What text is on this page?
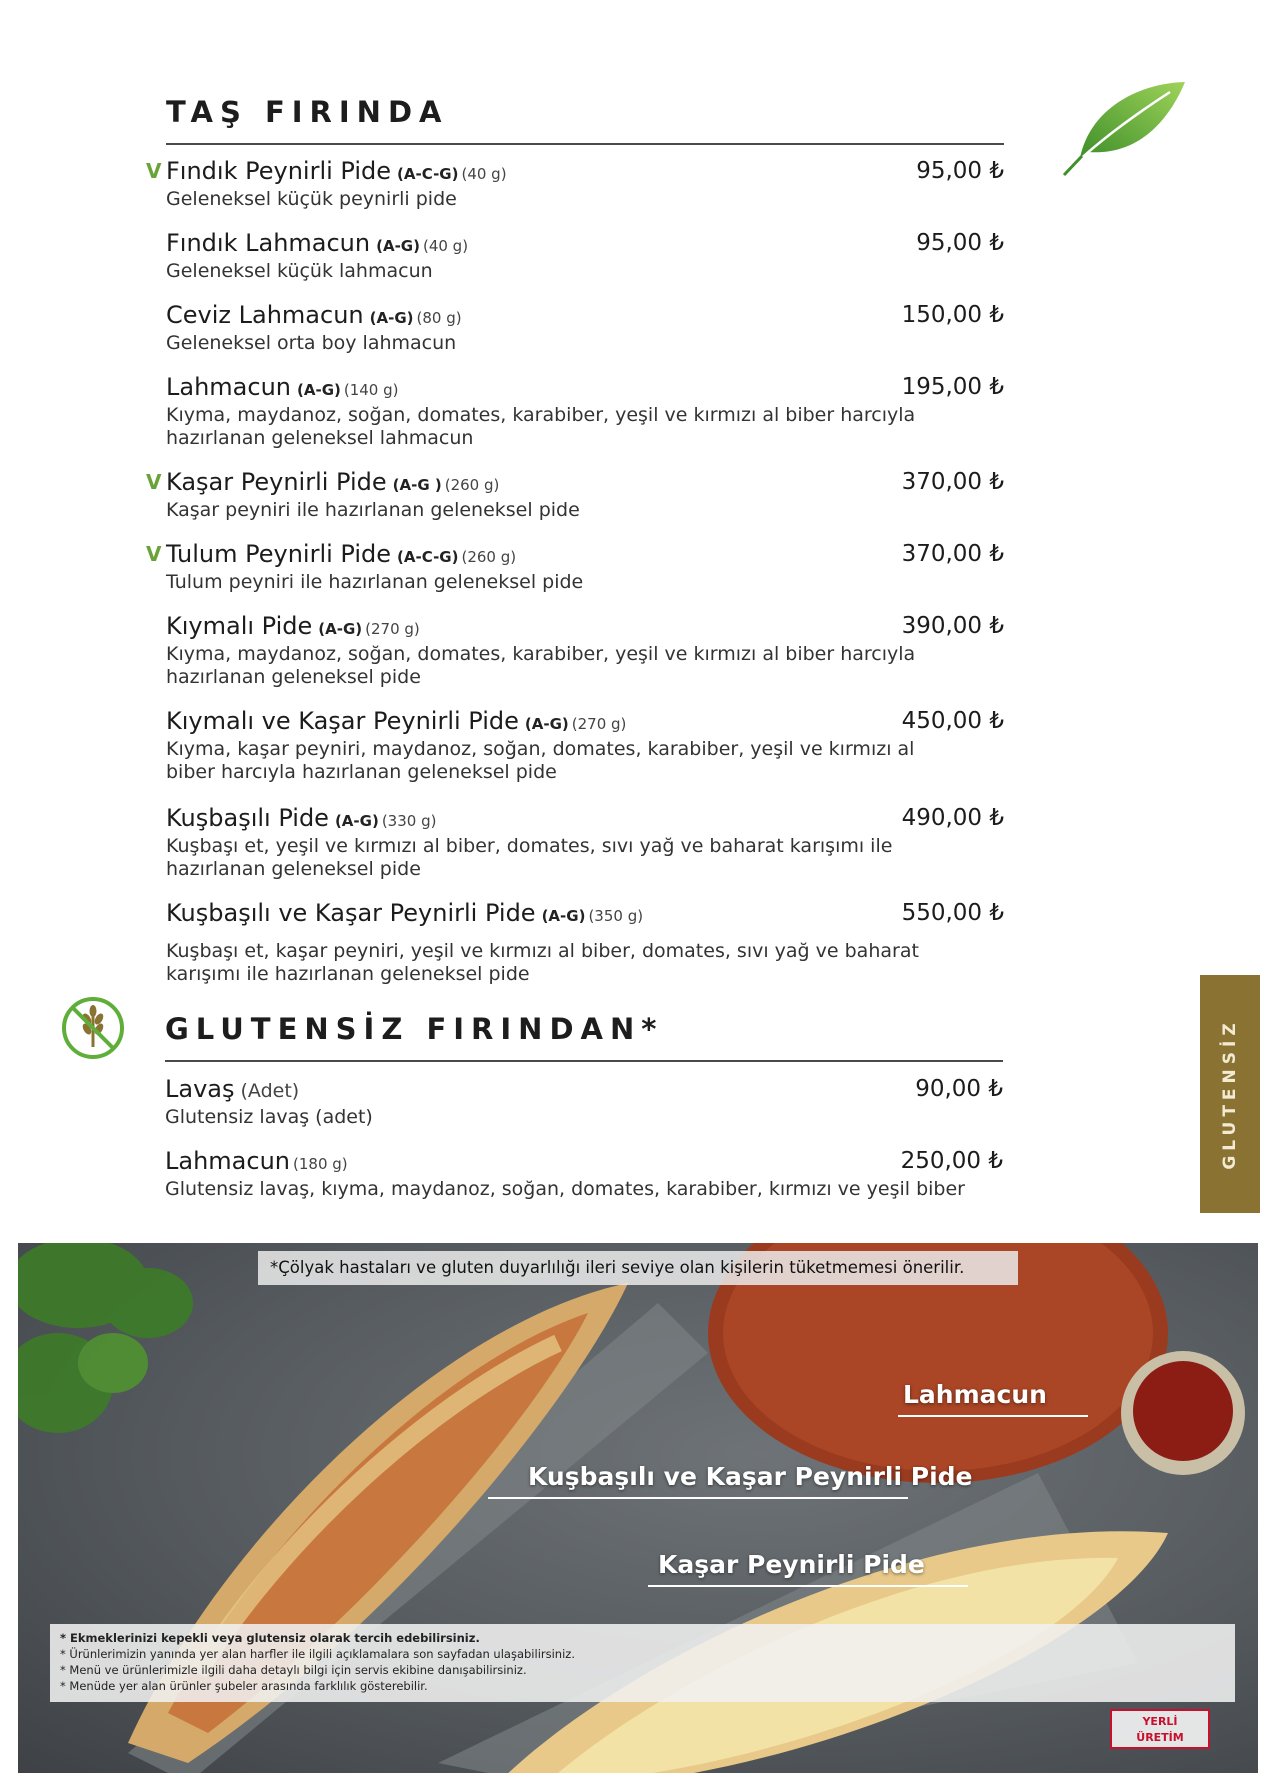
TAŞ FIRINDA
V Fındık Peynirli Pide (A-C-G) (40 g)	95,00 ₺
Geleneksel küçük peynirli pide
Fındık Lahmacun (A-G) (40 g)	95,00 ₺
Geleneksel küçük lahmacun
Ceviz Lahmacun (A-G) (80 g)	150,00 ₺
Geleneksel orta boy lahmacun
Lahmacun (A-G) (140 g)	195,00 ₺
Kıyma, maydanoz, soğan, domates, karabiber, yeşil ve kırmızı al biber harcıyla hazırlanan geleneksel lahmacun
V Kaşar Peynirli Pide (A-G ) (260 g)	370,00 ₺
Kaşar peyniri ile hazırlanan geleneksel pide
V Tulum Peynirli Pide (A-C-G) (260 g)	370,00 ₺
Tulum peyniri ile hazırlanan geleneksel pide
Kıymalı Pide (A-G) (270 g)	390,00 ₺
Kıyma, maydanoz, soğan, domates, karabiber, yeşil ve kırmızı al biber harcıyla hazırlanan geleneksel pide
Kıymalı ve Kaşar Peynirli Pide (A-G) (270 g)	450,00 ₺
Kıyma, kaşar peyniri, maydanoz, soğan, domates, karabiber, yeşil ve kırmızı al biber harcıyla hazırlanan geleneksel pide
Kuşbaşılı Pide (A-G) (330 g)	490,00 ₺
Kuşbaşı et, yeşil ve kırmızı al biber, domates, sıvı yağ ve baharat karışımı ile hazırlanan geleneksel pide
Kuşbaşılı ve Kaşar Peynirli Pide (A-G) (350 g)	550,00 ₺
Kuşbaşı et, kaşar peyniri, yeşil ve kırmızı al biber, domates, sıvı yağ ve baharat karışımı ile hazırlanan geleneksel pide
GLUTENSİZ FIRINDAN*
Lavaş (Adet)	90,00 ₺
Glutensiz lavaş (adet)
Lahmacun (180 g)	250,00 ₺
Glutensiz lavaş, kıyma, maydanoz, soğan, domates, karabiber, kırmızı ve yeşil biber
GLUTENSİZ
*Çölyak hastaları ve gluten duyarlılığı ileri seviye olan kişilerin tüketmemesi önerilir.
Lahmacun
Kuşbaşılı ve Kaşar Peynirli Pide
Kaşar Peynirli Pide
* Ekmeklerinizi kepekli veya glutensiz olarak tercih edebilirsiniz.
* Ürünlerimizin yanında yer alan harfler ile ilgili açıklamalara son sayfadan ulaşabilirsiniz.
* Menü ve ürünlerimizle ilgili daha detaylı bilgi için servis ekibine danışabilirsiniz.
* Menüde yer alan ürünler şubeler arasında farklılık gösterebilir.
YERLİ
ÜRETİM
